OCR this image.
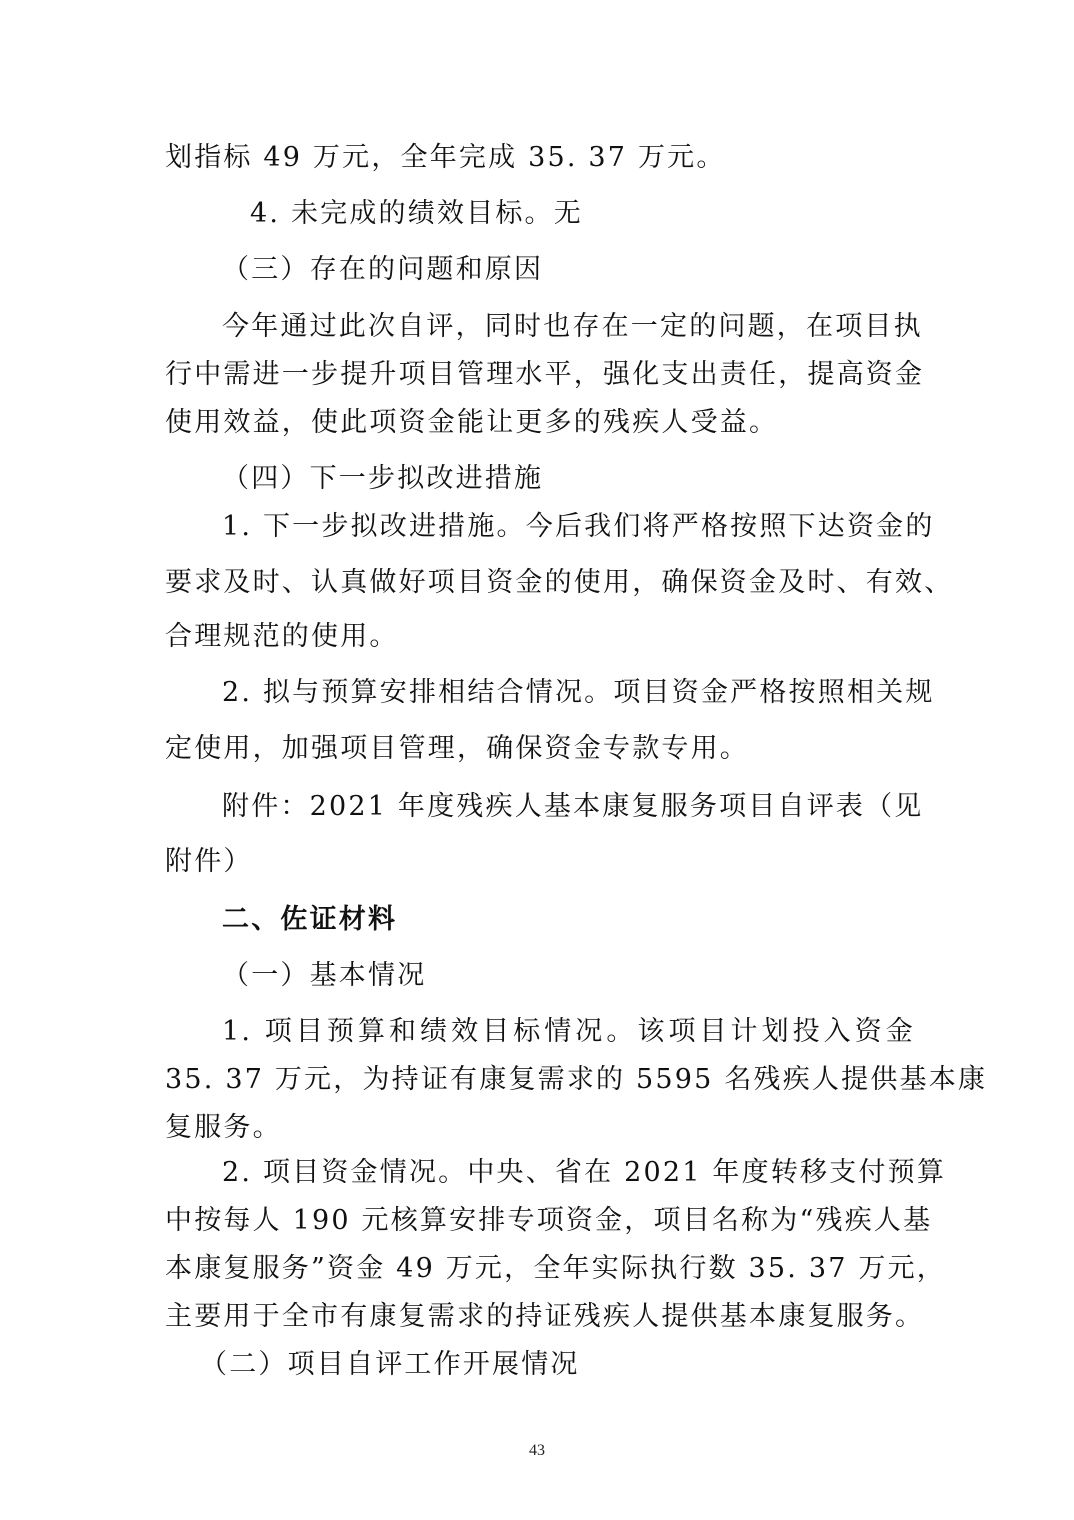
划指标 49 万元，全年完成 35. 37 万元。
4. 未完成的绩效目标。无
（三）存在的问题和原因
今年通过此次自评，同时也存在一定的问题，在项目执
行中需进一步提升项目管理水平，强化支出责任，提高资金
使用效益，使此项资金能让更多的残疾人受益。
（四）下一步拟改进措施
1. 下一步拟改进措施。今后我们将严格按照下达资金的
要求及时、认真做好项目资金的使用，确保资金及时、有效、
合理规范的使用。
2. 拟与预算安排相结合情况。项目资金严格按照相关规
定使用，加强项目管理，确保资金专款专用。
附件：2021 年度残疾人基本康复服务项目自评表（见
附件）
二、佐证材料
（一）基本情况
1. 项目预算和绩效目标情况。该项目计划投入资金
35. 37 万元，为持证有康复需求的 5595 名残疾人提供基本康
复服务。
2. 项目资金情况。中央、省在 2021 年度转移支付预算
中按每人 190 元核算安排专项资金，项目名称为“残疾人基
本康复服务”资金 49 万元，全年实际执行数 35. 37 万元，
主要用于全市有康复需求的持证残疾人提供基本康复服务。
（二）项目自评工作开展情况
43
